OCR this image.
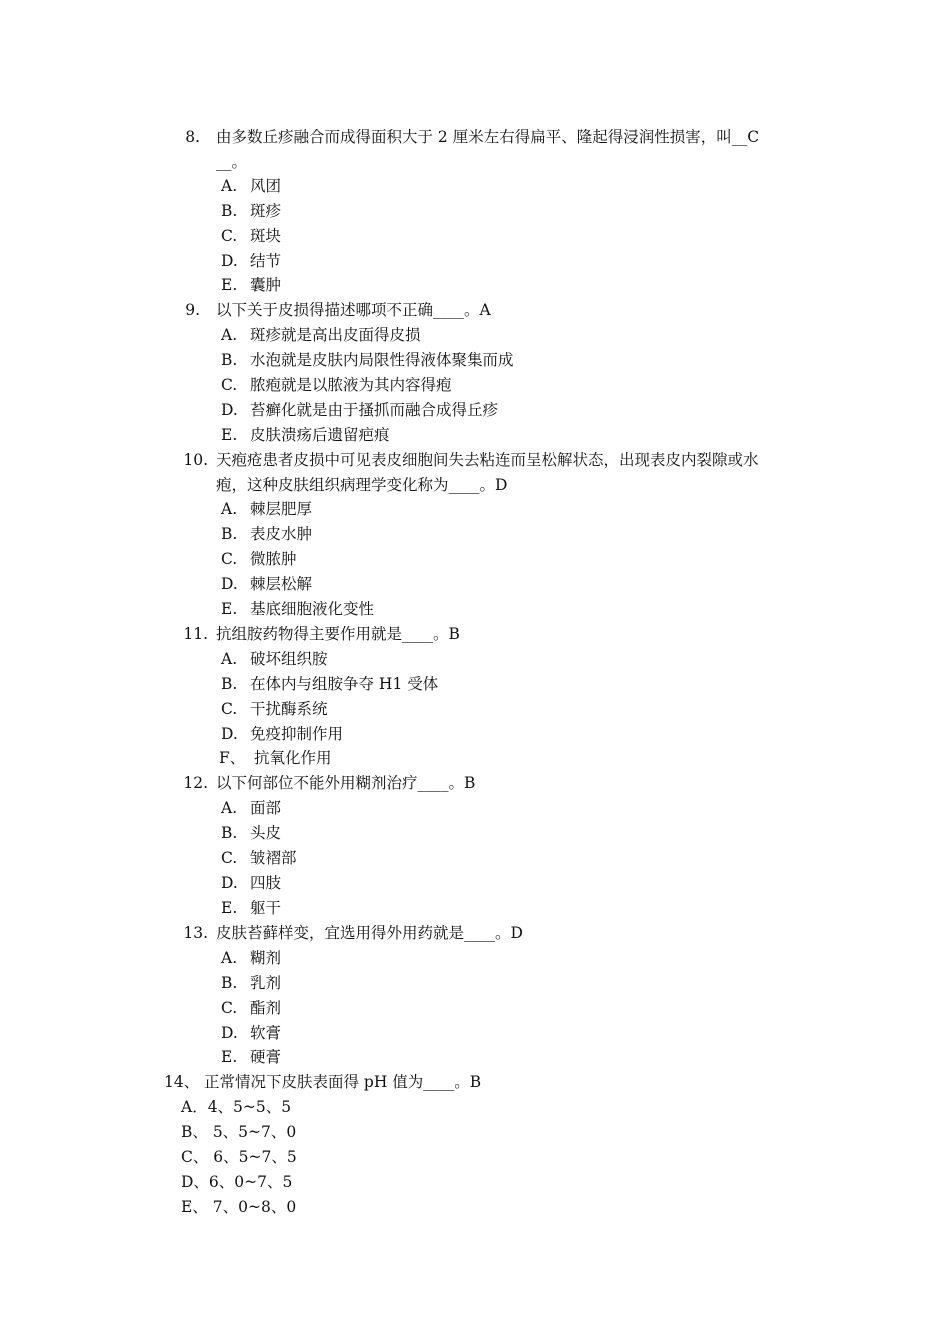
8. 由多数丘疹融合而成得面积大于 2 厘米左右得扁平、隆起得浸润性损害，叫__C
__。
A. 风团
B. 斑疹
C. 斑块
D. 结节
E. 囊肿
9. 以下关于皮损得描述哪项不正确____。A
A. 斑疹就是高出皮面得皮损
B. 水泡就是皮肤内局限性得液体聚集而成
C. 脓疱就是以脓液为其内容得疱
D. 苔癣化就是由于搔抓而融合成得丘疹
E. 皮肤溃疡后遗留疤痕
10. 天疱疮患者皮损中可见表皮细胞间失去粘连而呈松解状态，出现表皮内裂隙或水
疱，这种皮肤组织病理学变化称为____。D
A. 棘层肥厚
B. 表皮水肿
C. 微脓肿
D. 棘层松解
E. 基底细胞液化变性
11. 抗组胺药物得主要作用就是____。B
A. 破坏组织胺
B. 在体内与组胺争夺 H1 受体
C. 干扰酶系统
D. 免疫抑制作用
F、 抗氧化作用
12. 以下何部位不能外用糊剂治疗____。B
A. 面部
B. 头皮
C. 皱褶部
D. 四肢
E. 躯干
13. 皮肤苔藓样变，宜选用得外用药就是____。D
A. 糊剂
B. 乳剂
C. 酯剂
D. 软膏
E. 硬膏
14、 正常情况下皮肤表面得 pH 值为____。B
A．4、5~5、5
B、 5、5~7、0
C、 6、5~7、5
D、6、0~7、5
E、 7、0~8、0
